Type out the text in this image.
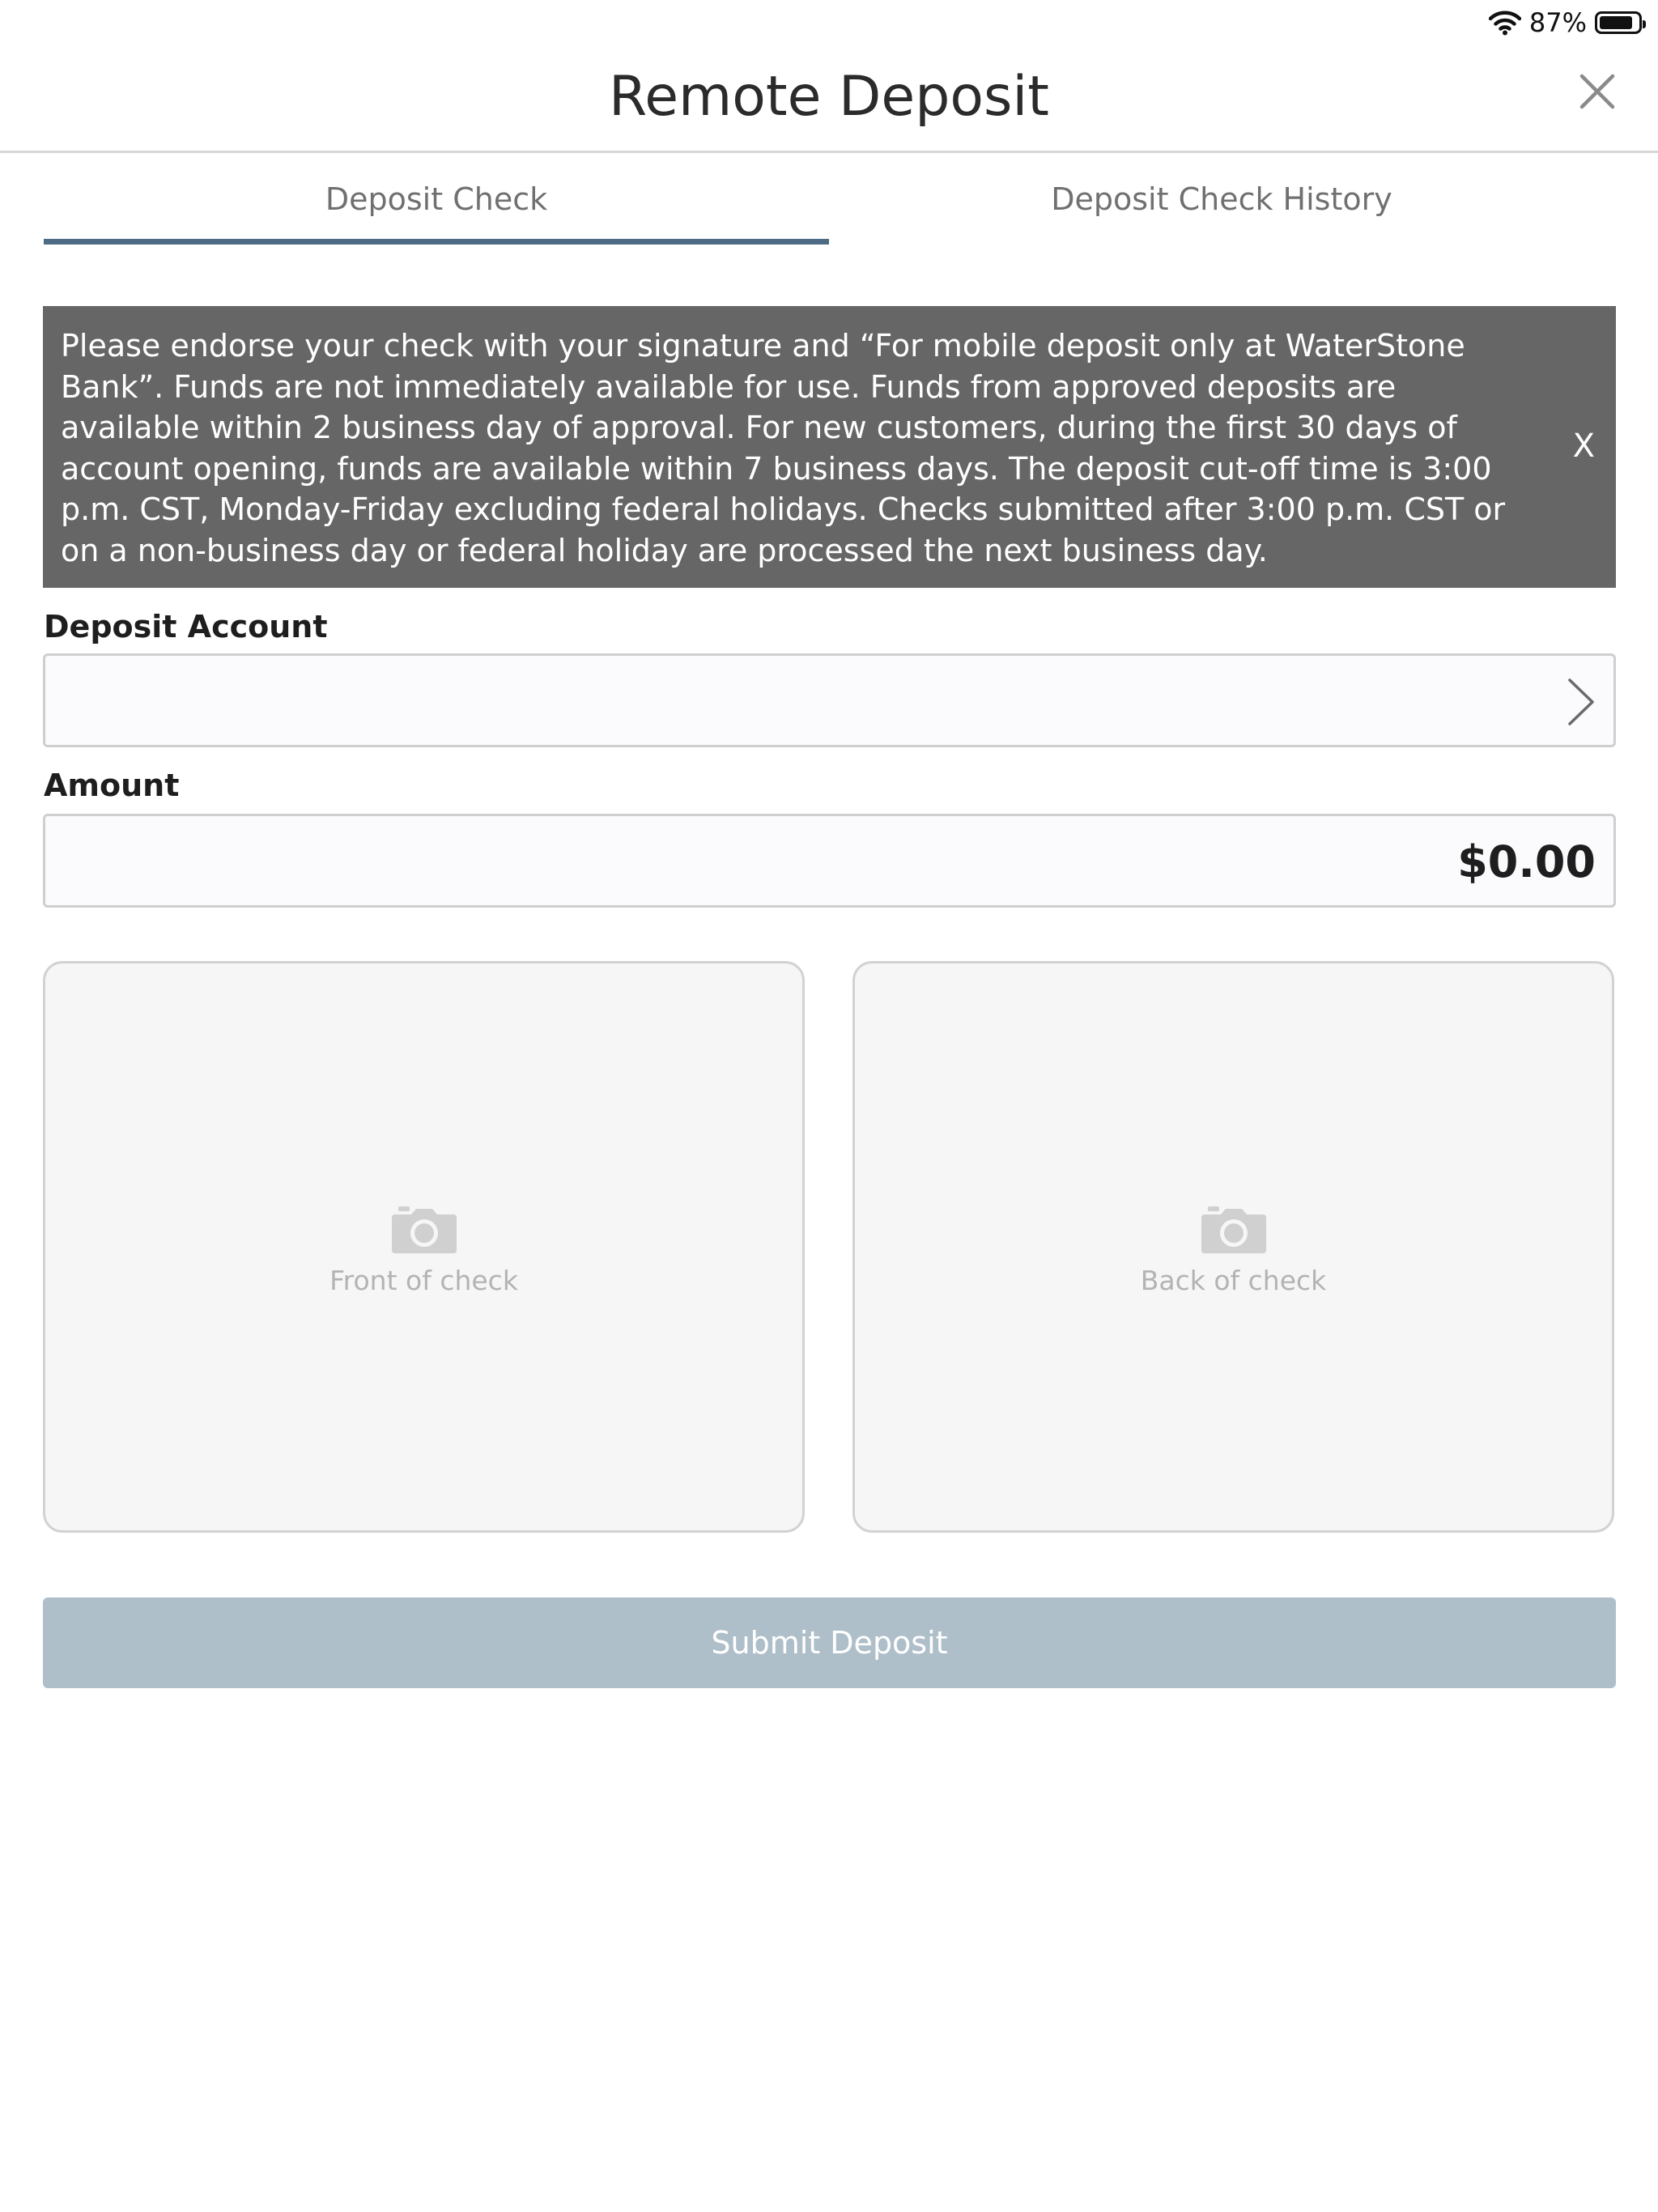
87%
Remote Deposit
Deposit Check	Deposit Check History
Please endorse your check with your signature and “For mobile deposit only at WaterStone Bank”. Funds are not immediately available for use. Funds from approved deposits are available within 2 business day of approval. For new customers, during the first 30 days of account opening, funds are available within 7 business days. The deposit cut-off time is 3:00 p.m. CST, Monday-Friday excluding federal holidays. Checks submitted after 3:00 p.m. CST or on a non-business day or federal holiday are processed the next business day.
X
Deposit Account
Amount
$0.00
Front of check	Back of check
Submit Deposit
